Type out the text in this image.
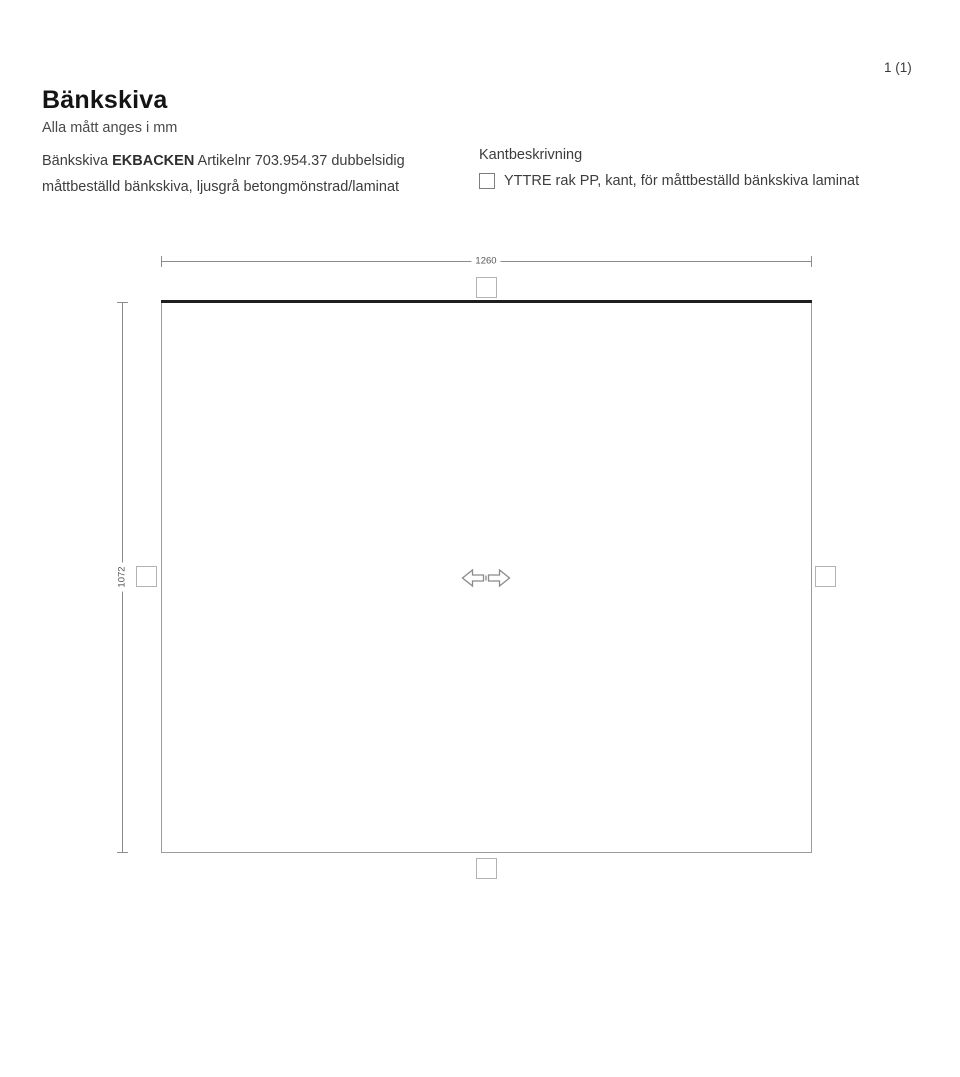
1 (1)
Bänkskiva
Alla mått anges i mm
Bänkskiva EKBACKEN Artikelnr 703.954.37 dubbelsidig
måttbeställd bänkskiva, ljusgrå betongmönstrad/laminat
Kantbeskrivning
YTTRE rak PP, kant, för måttbeställd bänkskiva laminat
1260
1072
